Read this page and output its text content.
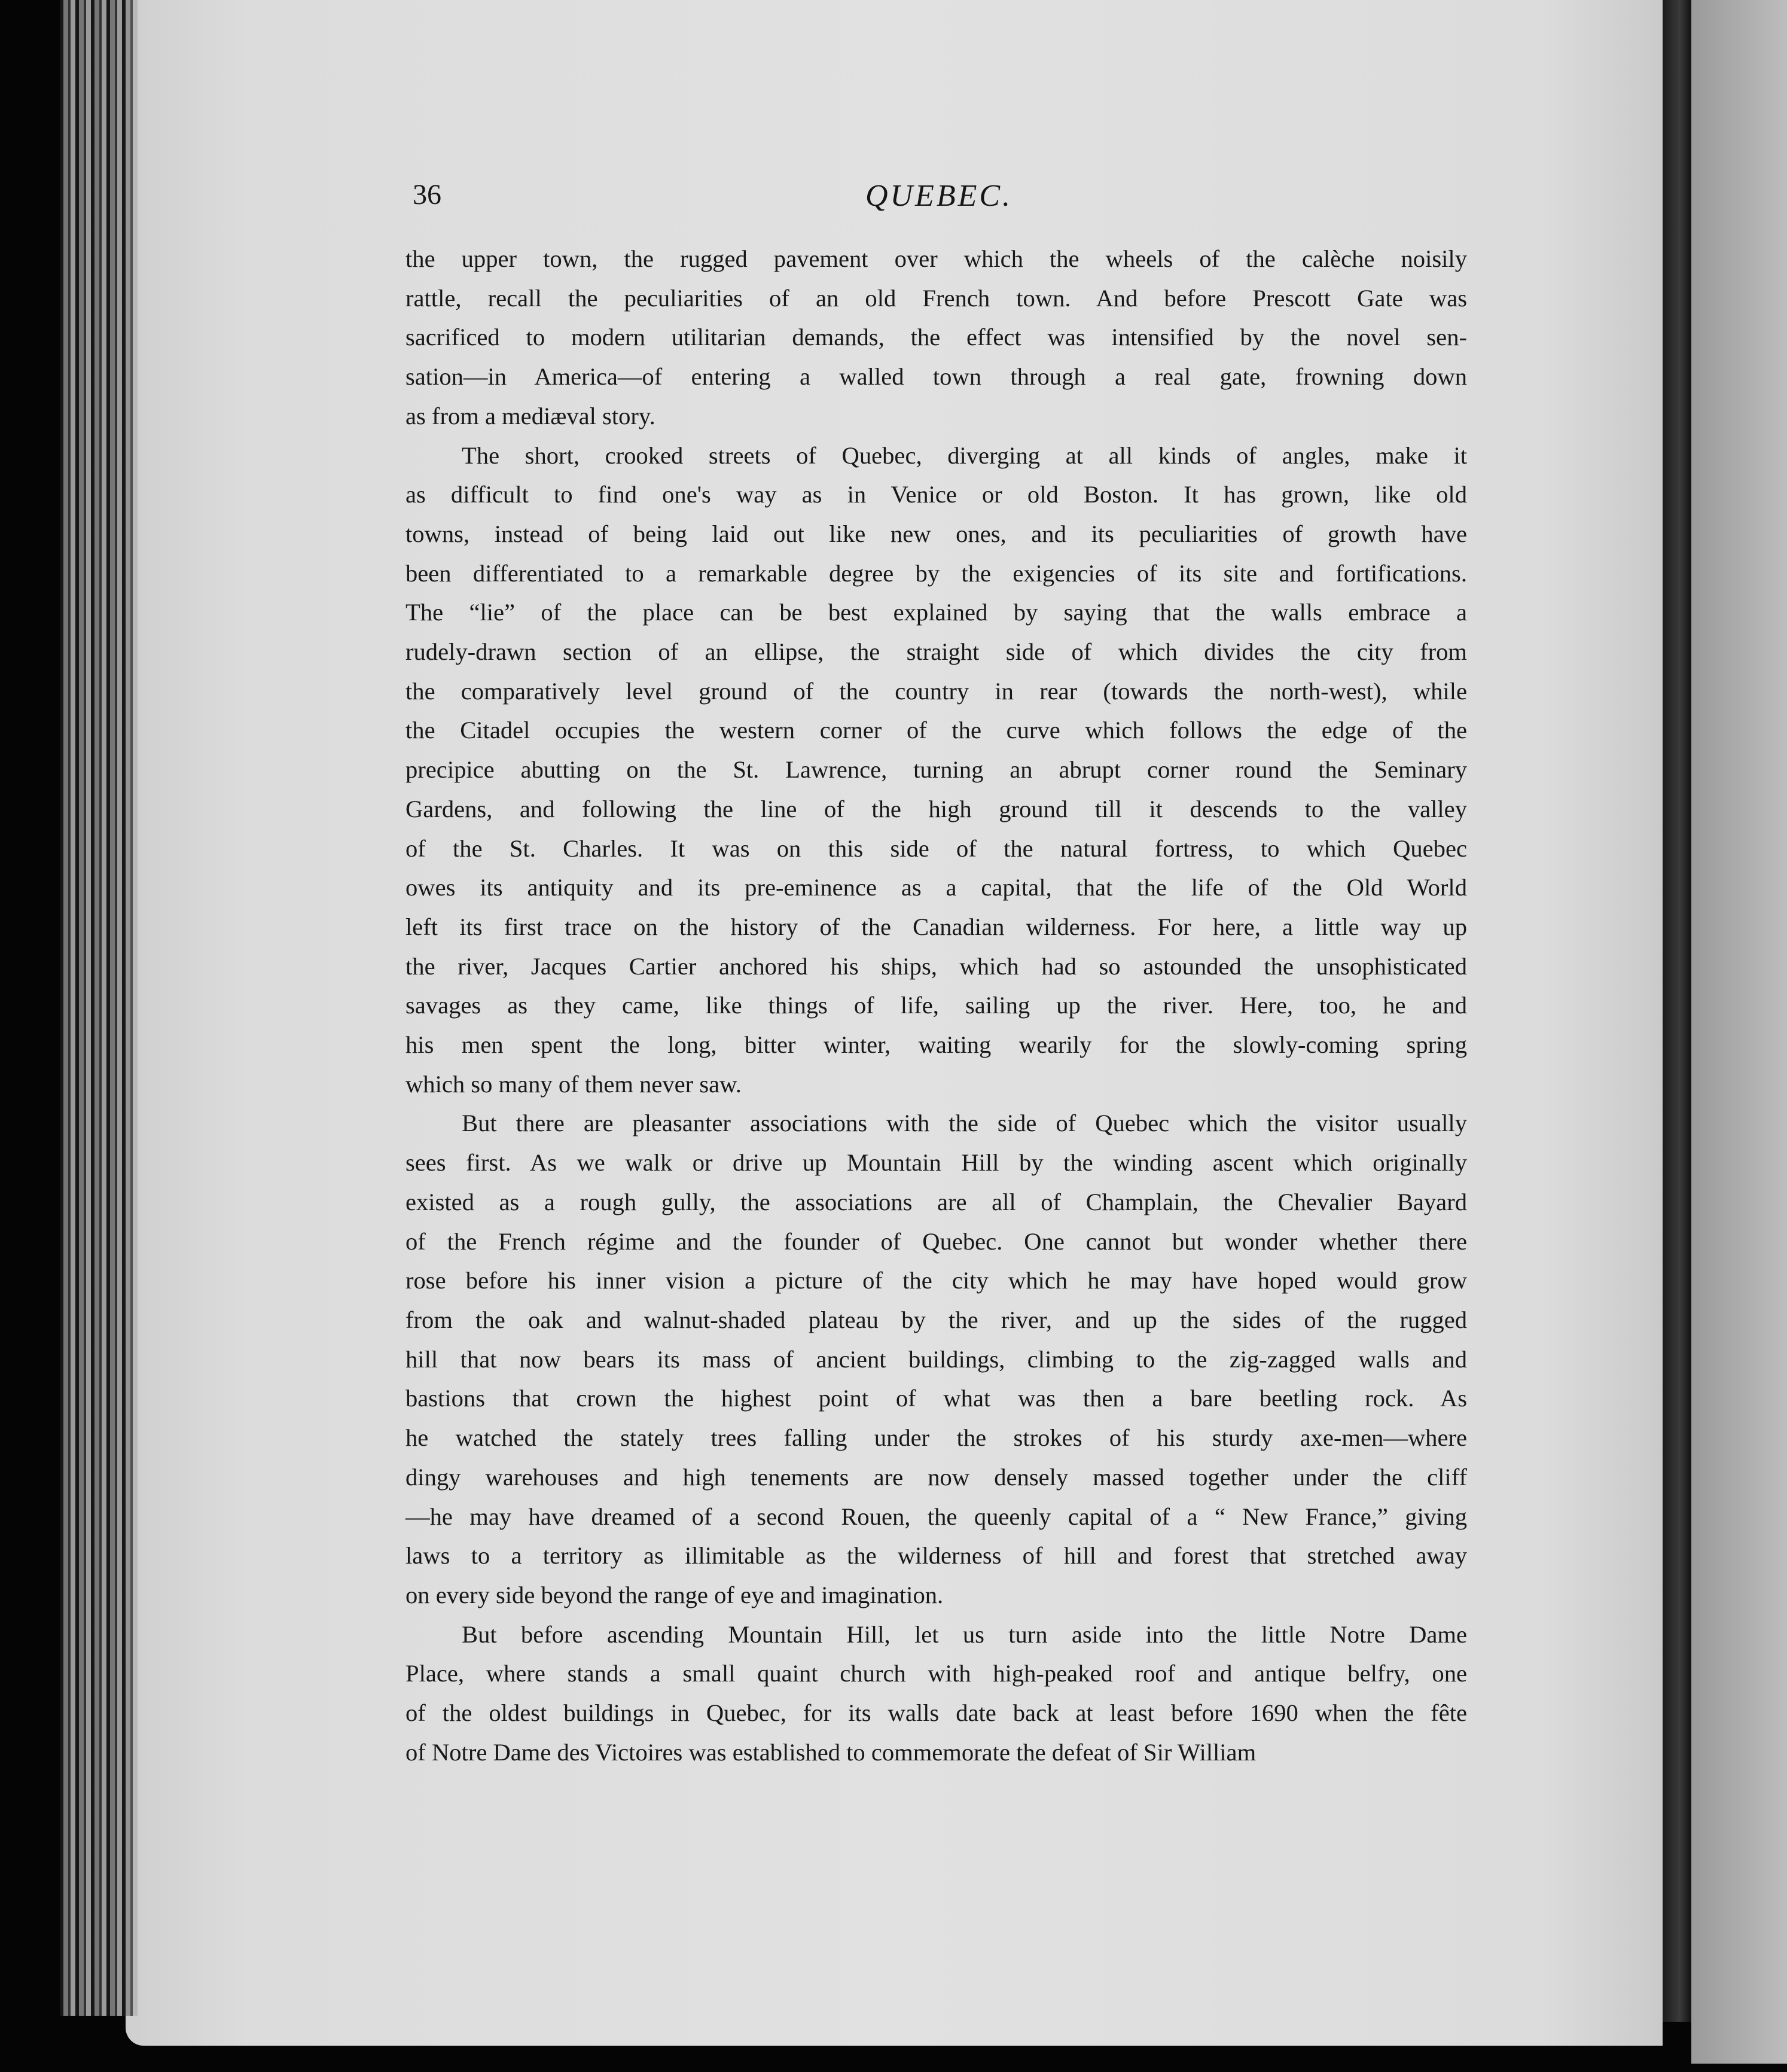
36	QUEBEC.
the upper town, the rugged pavement over which the wheels of the calèche noisily
rattle, recall the peculiarities of an old French town. And before Prescott Gate was
sacrificed to modern utilitarian demands, the effect was intensified by the novel sen-
sation—in America—of entering a walled town through a real gate, frowning down
as from a mediæval story.
The short, crooked streets of Quebec, diverging at all kinds of angles, make it
as difficult to find one's way as in Venice or old Boston. It has grown, like old
towns, instead of being laid out like new ones, and its peculiarities of growth have
been differentiated to a remarkable degree by the exigencies of its site and fortifications.
The “lie” of the place can be best explained by saying that the walls embrace a
rudely-drawn section of an ellipse, the straight side of which divides the city from
the comparatively level ground of the country in rear (towards the north-west), while
the Citadel occupies the western corner of the curve which follows the edge of the
precipice abutting on the St. Lawrence, turning an abrupt corner round the Seminary
Gardens, and following the line of the high ground till it descends to the valley
of the St. Charles. It was on this side of the natural fortress, to which Quebec
owes its antiquity and its pre-eminence as a capital, that the life of the Old World
left its first trace on the history of the Canadian wilderness. For here, a little way up
the river, Jacques Cartier anchored his ships, which had so astounded the unsophisticated
savages as they came, like things of life, sailing up the river. Here, too, he and
his men spent the long, bitter winter, waiting wearily for the slowly-coming spring
which so many of them never saw.
But there are pleasanter associations with the side of Quebec which the visitor usually
sees first. As we walk or drive up Mountain Hill by the winding ascent which originally
existed as a rough gully, the associations are all of Champlain, the Chevalier Bayard
of the French régime and the founder of Quebec. One cannot but wonder whether there
rose before his inner vision a picture of the city which he may have hoped would grow
from the oak and walnut-shaded plateau by the river, and up the sides of the rugged
hill that now bears its mass of ancient buildings, climbing to the zig-zagged walls and
bastions that crown the highest point of what was then a bare beetling rock. As
he watched the stately trees falling under the strokes of his sturdy axe-men—where
dingy warehouses and high tenements are now densely massed together under the cliff
—he may have dreamed of a second Rouen, the queenly capital of a “ New France,” giving
laws to a territory as illimitable as the wilderness of hill and forest that stretched away
on every side beyond the range of eye and imagination.
But before ascending Mountain Hill, let us turn aside into the little Notre Dame
Place, where stands a small quaint church with high-peaked roof and antique belfry, one
of the oldest buildings in Quebec, for its walls date back at least before 1690 when the fête
of Notre Dame des Victoires was established to commemorate the defeat of Sir William
